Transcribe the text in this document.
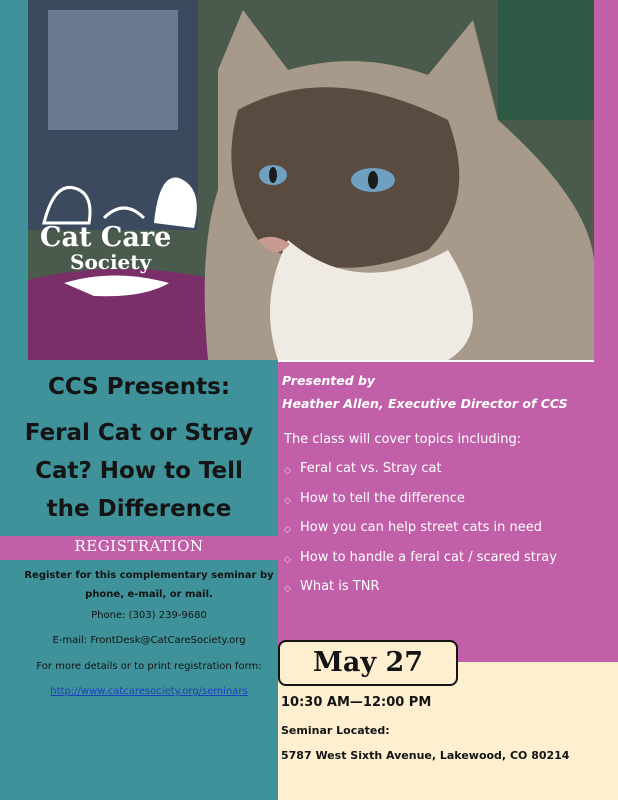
Cat Care
Society
CCS Presents:
Feral Cat or Stray
Cat? How to Tell
the Difference
REGISTRATION
Register for this complementary seminar by
phone, e-mail, or mail.
Phone: (303) 239-9680
E-mail: FrontDesk@CatCareSociety.org
For more details or to print registration form:
http://www.catcaresociety.org/seminars
Presented by
Heather Allen, Executive Director of CCS
The class will cover topics including:
◇ Feral cat vs. Stray cat
◇ How to tell the difference
◇ How you can help street cats in need
◇ How to handle a feral cat / scared stray
◇ What is TNR
May 27
10:30 AM—12:00 PM
Seminar Located:
5787 West Sixth Avenue, Lakewood, CO 80214
